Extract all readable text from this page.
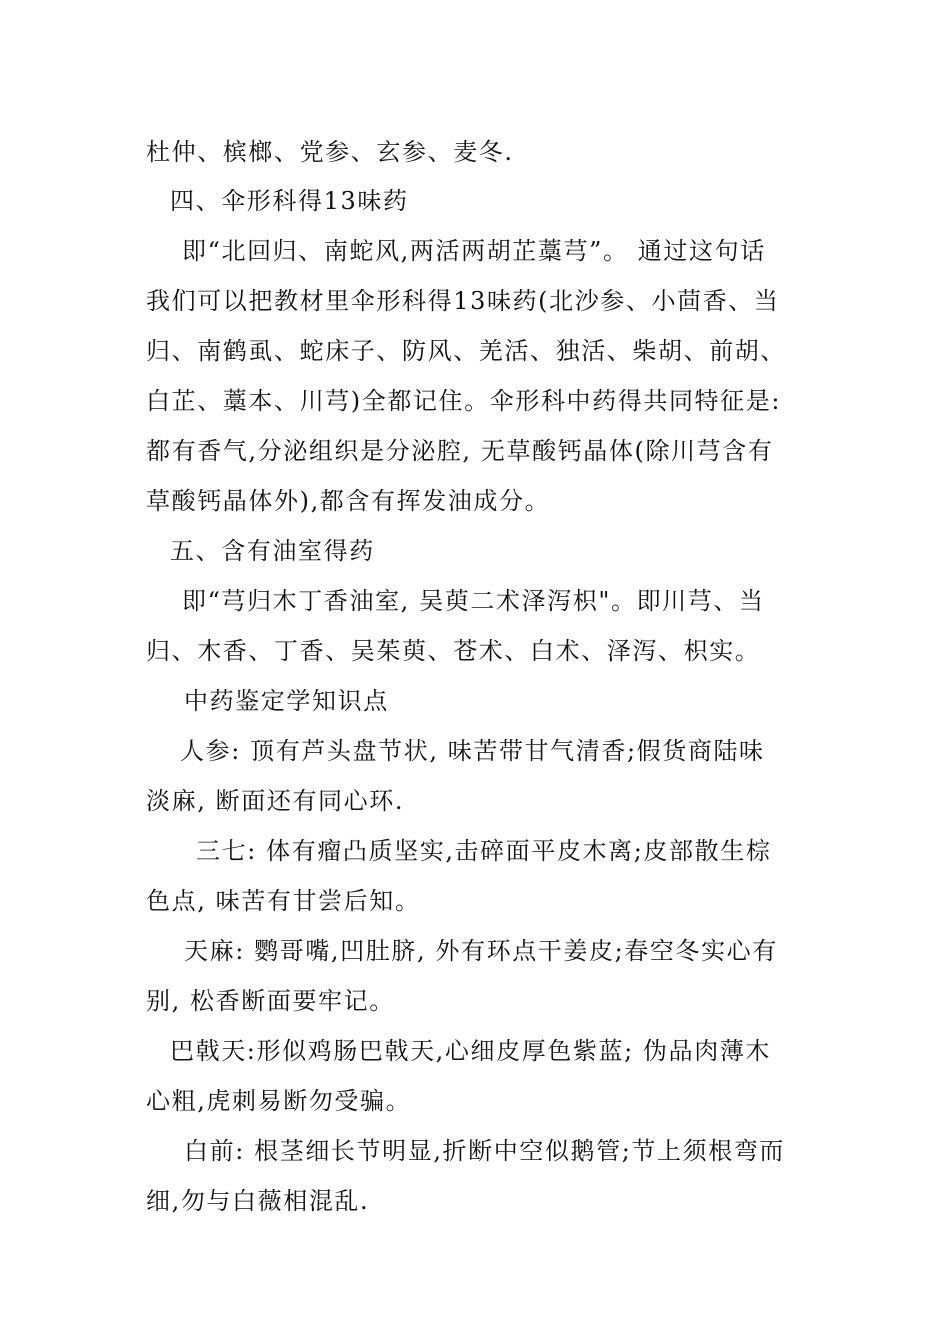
杜仲、槟榔、党参、玄参、麦冬.
四、伞形科得13味药
即“北回归、南蛇风,两活两胡芷藁芎”。 通过这句话
我们可以把教材里伞形科得13味药(北沙参、小茴香、当
归、南鹤虱、蛇床子、防风、羌活、独活、柴胡、前胡、
白芷、藁本、川芎)全都记住。伞形科中药得共同特征是:
都有香气,分泌组织是分泌腔, 无草酸钙晶体(除川芎含有
草酸钙晶体外),都含有挥发油成分。
五、含有油室得药
即“芎归木丁香油室, 吴萸二术泽泻枳"。即川芎、当
归、木香、丁香、吴茱萸、苍术、白术、泽泻、枳实。
中药鉴定学知识点
人参: 顶有芦头盘节状, 味苦带甘气清香;假货商陆味
淡麻, 断面还有同心环.
三七: 体有瘤凸质坚实,击碎面平皮木离;皮部散生棕
色点, 味苦有甘尝后知。
天麻: 鹦哥嘴,凹肚脐, 外有环点干姜皮;春空冬实心有
别, 松香断面要牢记。
巴戟天:形似鸡肠巴戟天,心细皮厚色紫蓝; 伪品肉薄木
心粗,虎刺易断勿受骗。
白前: 根茎细长节明显,折断中空似鹅管;节上须根弯而
细,勿与白薇相混乱.
